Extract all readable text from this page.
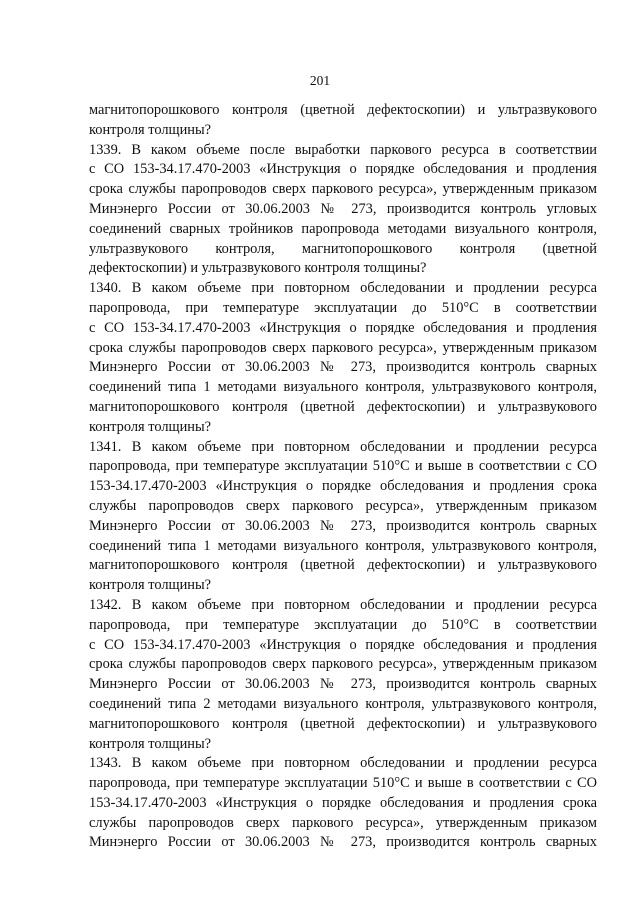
201
магнитопорошкового контроля (цветной дефектоскопии) и ультразвукового
контроля толщины?
1339. В каком объеме после выработки паркового ресурса в соответствии
с СО 153-34.17.470-2003 «Инструкция о порядке обследования и продления
срока службы паропроводов сверх паркового ресурса», утвержденным приказом
Минэнерго России от 30.06.2003 № 273, производится контроль угловых
соединений сварных тройников паропровода методами визуального контроля,
ультразвукового контроля, магнитопорошкового контроля (цветной
дефектоскопии) и ультразвукового контроля толщины?
1340. В каком объеме при повторном обследовании и продлении ресурса
паропровода, при температуре эксплуатации до 510°C в соответствии
с СО 153-34.17.470-2003 «Инструкция о порядке обследования и продления
срока службы паропроводов сверх паркового ресурса», утвержденным приказом
Минэнерго России от 30.06.2003 № 273, производится контроль сварных
соединений типа 1 методами визуального контроля, ультразвукового контроля,
магнитопорошкового контроля (цветной дефектоскопии) и ультразвукового
контроля толщины?
1341. В каком объеме при повторном обследовании и продлении ресурса
паропровода, при температуре эксплуатации 510°C и выше в соответствии с СО
153-34.17.470-2003 «Инструкция о порядке обследования и продления срока
службы паропроводов сверх паркового ресурса», утвержденным приказом
Минэнерго России от 30.06.2003 № 273, производится контроль сварных
соединений типа 1 методами визуального контроля, ультразвукового контроля,
магнитопорошкового контроля (цветной дефектоскопии) и ультразвукового
контроля толщины?
1342. В каком объеме при повторном обследовании и продлении ресурса
паропровода, при температуре эксплуатации до 510°C в соответствии
с СО 153-34.17.470-2003 «Инструкция о порядке обследования и продления
срока службы паропроводов сверх паркового ресурса», утвержденным приказом
Минэнерго России от 30.06.2003 № 273, производится контроль сварных
соединений типа 2 методами визуального контроля, ультразвукового контроля,
магнитопорошкового контроля (цветной дефектоскопии) и ультразвукового
контроля толщины?
1343. В каком объеме при повторном обследовании и продлении ресурса
паропровода, при температуре эксплуатации 510°C и выше в соответствии с СО
153-34.17.470-2003 «Инструкция о порядке обследования и продления срока
службы паропроводов сверх паркового ресурса», утвержденным приказом
Минэнерго России от 30.06.2003 № 273, производится контроль сварных
